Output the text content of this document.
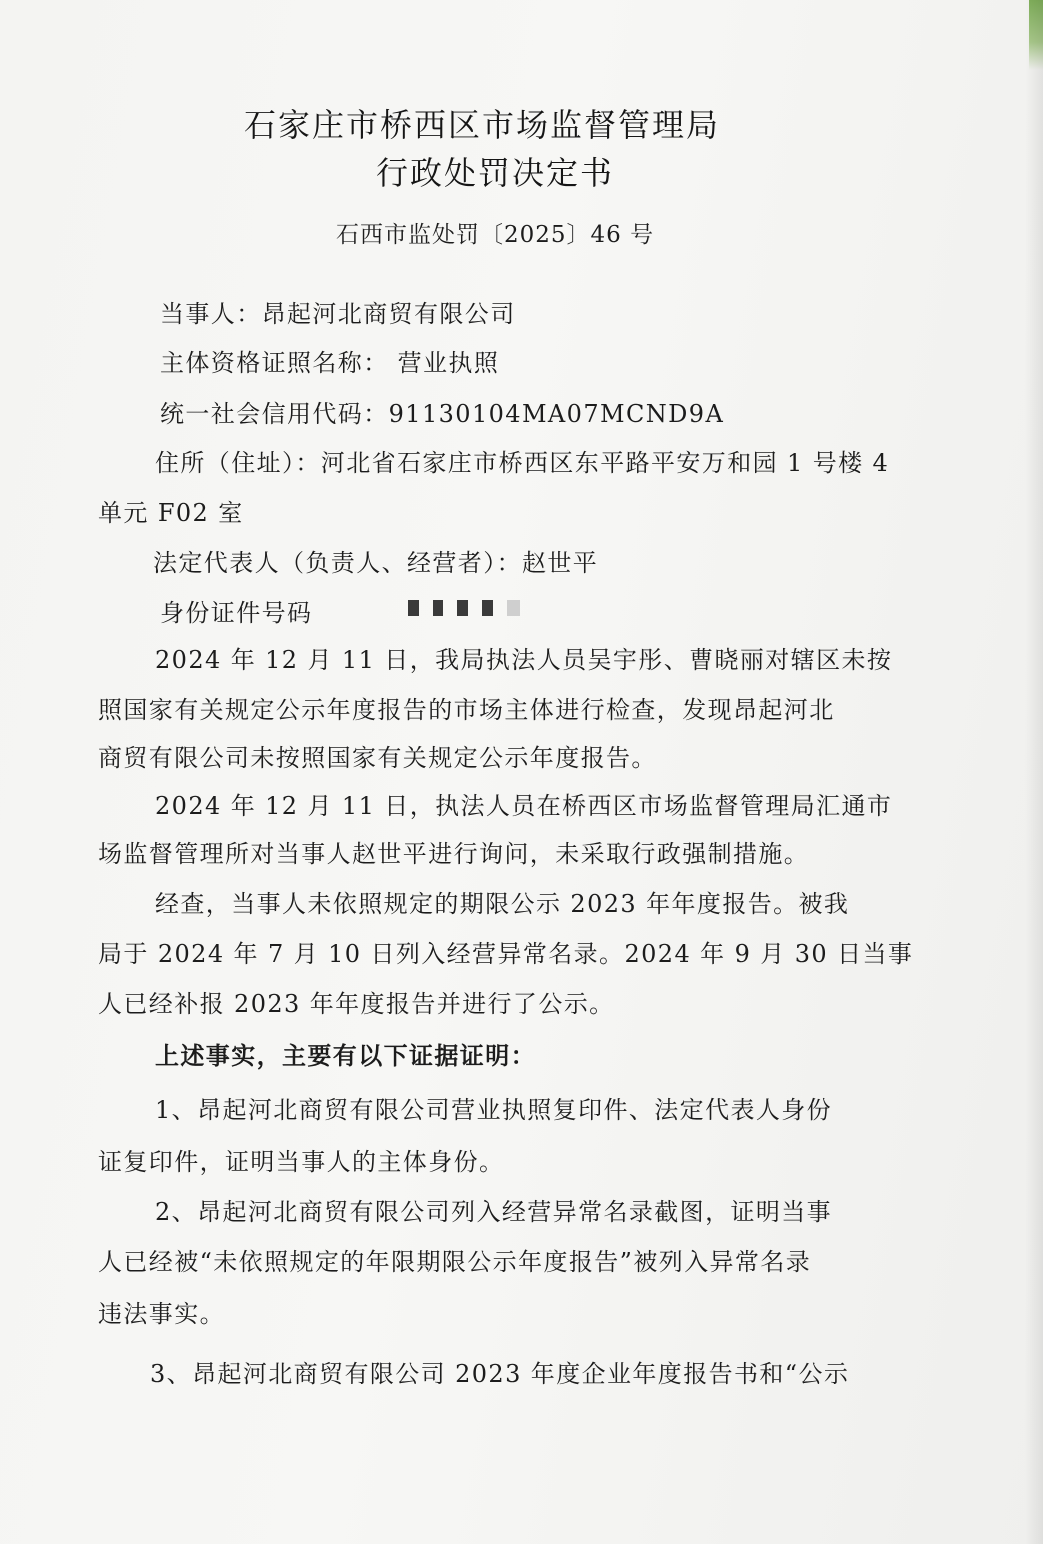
石家庄市桥西区市场监督管理局
行政处罚决定书
石西市监处罚〔2025〕46 号
当事人：昂起河北商贸有限公司
主体资格证照名称： 营业执照
统一社会信用代码：91130104MA07MCND9A
住所（住址）：河北省石家庄市桥西区东平路平安万和园 1 号楼 4
单元 F02 室
法定代表人（负责人、经营者）：赵世平
身份证件号码
2024 年 12 月 11 日，我局执法人员吴宇彤、曹晓丽对辖区未按
照国家有关规定公示年度报告的市场主体进行检查，发现昂起河北
商贸有限公司未按照国家有关规定公示年度报告。
2024 年 12 月 11 日，执法人员在桥西区市场监督管理局汇通市
场监督管理所对当事人赵世平进行询问，未采取行政强制措施。
经查，当事人未依照规定的期限公示 2023 年年度报告。被我
局于 2024 年 7 月 10 日列入经营异常名录。2024 年 9 月 30 日当事
人已经补报 2023 年年度报告并进行了公示。
上述事实，主要有以下证据证明：
1、昂起河北商贸有限公司营业执照复印件、法定代表人身份
证复印件，证明当事人的主体身份。
2、昂起河北商贸有限公司列入经营异常名录截图，证明当事
人已经被“未依照规定的年限期限公示年度报告”被列入异常名录
违法事实。
3、昂起河北商贸有限公司 2023 年度企业年度报告书和“公示
